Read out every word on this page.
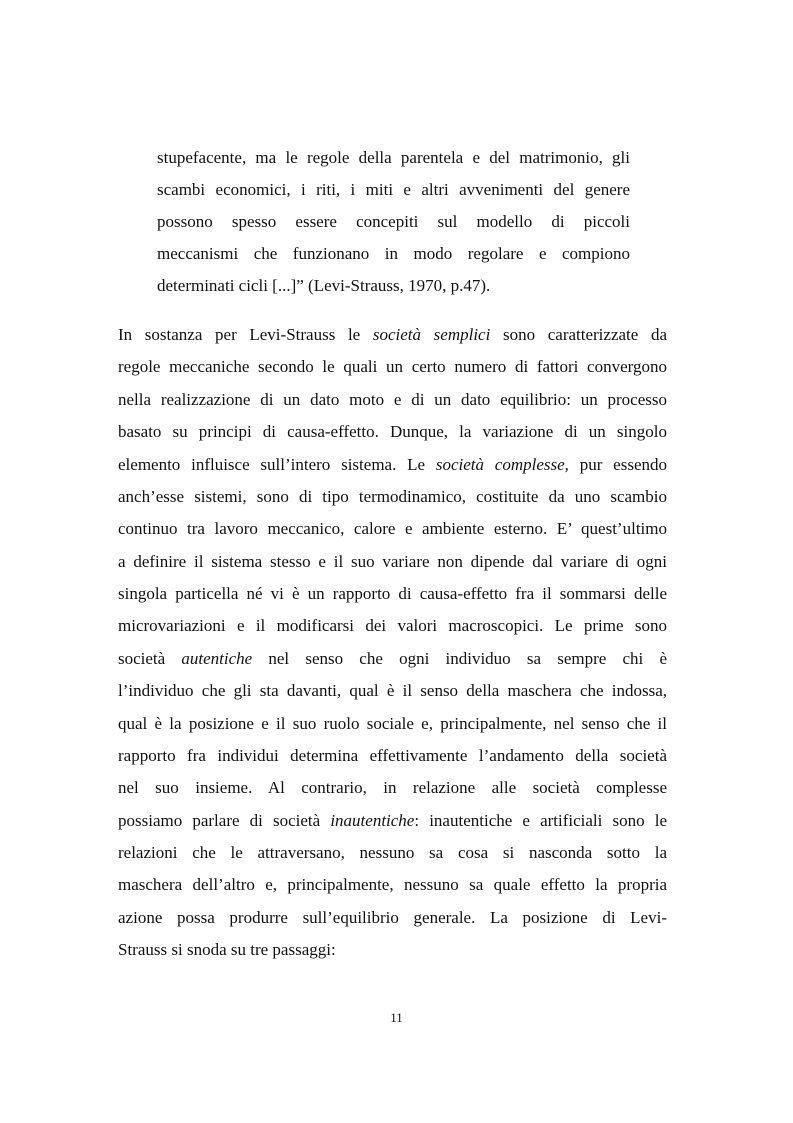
stupefacente, ma le regole della parentela e del matrimonio, gli
scambi economici, i riti, i miti e altri avvenimenti del genere
possono spesso essere concepiti sul modello di piccoli
meccanismi che funzionano in modo regolare e compiono
determinati cicli [...]” (Levi-Strauss, 1970, p.47).
In sostanza per Levi-Strauss le società semplici sono caratterizzate da
regole meccaniche secondo le quali un certo numero di fattori convergono
nella realizzazione di un dato moto e di un dato equilibrio: un processo
basato su principi di causa-effetto. Dunque, la variazione di un singolo
elemento influisce sull’intero sistema. Le società complesse, pur essendo
anch’esse sistemi, sono di tipo termodinamico, costituite da uno scambio
continuo tra lavoro meccanico, calore e ambiente esterno. E’ quest’ultimo
a definire il sistema stesso e il suo variare non dipende dal variare di ogni
singola particella né vi è un rapporto di causa-effetto fra il sommarsi delle
microvariazioni e il modificarsi dei valori macroscopici. Le prime sono
società autentiche nel senso che ogni individuo sa sempre chi è
l’individuo che gli sta davanti, qual è il senso della maschera che indossa,
qual è la posizione e il suo ruolo sociale e, principalmente, nel senso che il
rapporto fra individui determina effettivamente l’andamento della società
nel suo insieme. Al contrario, in relazione alle società complesse
possiamo parlare di società inautentiche: inautentiche e artificiali sono le
relazioni che le attraversano, nessuno sa cosa si nasconda sotto la
maschera dell’altro e, principalmente, nessuno sa quale effetto la propria
azione possa produrre sull’equilibrio generale. La posizione di Levi-
Strauss si snoda su tre passaggi:
11
